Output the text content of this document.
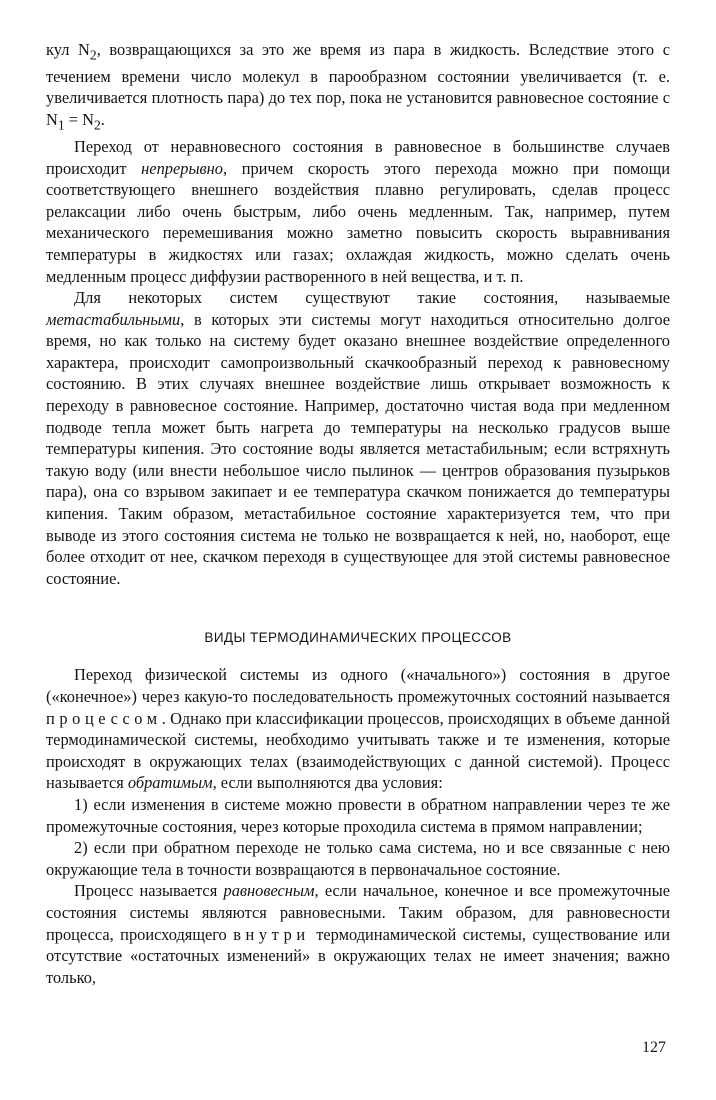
кул $N_2$, возвращающихся за это же время из пара в жидкость. Вследствие этого с течением времени число молекул в парообразном состоянии увеличивается (т. е. увеличивается плотность пара) до тех пор, пока не установится равновесное состояние с $N_1 = N_2$.

Переход от неравновесного состояния в равновесное в большинстве случаев происходит непрерывно, причем скорость этого перехода можно при помощи соответствующего внешнего воздействия плавно регулировать, сделав процесс релаксации либо очень быстрым, либо очень медленным. Так, например, путем механического перемешивания можно заметно повысить скорость выравнивания температуры в жидкостях или газах; охлаждая жидкость, можно сделать очень медленным процесс диффузии растворенного в ней вещества, и т. п.

Для некоторых систем существуют такие состояния, называемые метастабильными, в которых эти системы могут находиться относительно долгое время, но как только на систему будет оказано внешнее воздействие определенного характера, происходит самопроизвольный скачкообразный переход к равновесному состоянию. В этих случаях внешнее воздействие лишь открывает возможность к переходу в равновесное состояние. Например, достаточно чистая вода при медленном подводе тепла может быть нагрета до температуры на несколько градусов выше температуры кипения. Это состояние воды является метастабильным; если встряхнуть такую воду (или внести небольшое число пылинок — центров образования пузырьков пара), она со взрывом закипает и ее температура скачком понижается до температуры кипения. Таким образом, метастабильное состояние характеризуется тем, что при выводе из этого состояния система не только не возвращается к ней, но, наоборот, еще более отходит от нее, скачком переходя в существующее для этой системы равновесное состояние.

ВИДЫ ТЕРМОДИНАМИЧЕСКИХ ПРОЦЕССОВ

Переход физической системы из одного («начального») состояния в другое («конечное») через какую-то последовательность промежуточных состояний называется процессом. Однако при классификации процессов, происходящих в объеме данной термодинамической системы, необходимо учитывать также и те изменения, которые происходят в окружающих телах (взаимодействующих с данной системой). Процесс называется обратимым, если выполняются два условия:

1) если изменения в системе можно провести в обратном направлении через те же промежуточные состояния, через которые проходила система в прямом направлении;

2) если при обратном переходе не только сама система, но и все связанные с нею окружающие тела в точности возвращаются в первоначальное состояние.

Процесс называется равновесным, если начальное, конечное и все промежуточные состояния системы являются равновесными. Таким образом, для равновесности процесса, происходящего внутри термодинамической системы, существование или отсутствие «остаточных изменений» в окружающих телах не имеет значения; важно только,

127
